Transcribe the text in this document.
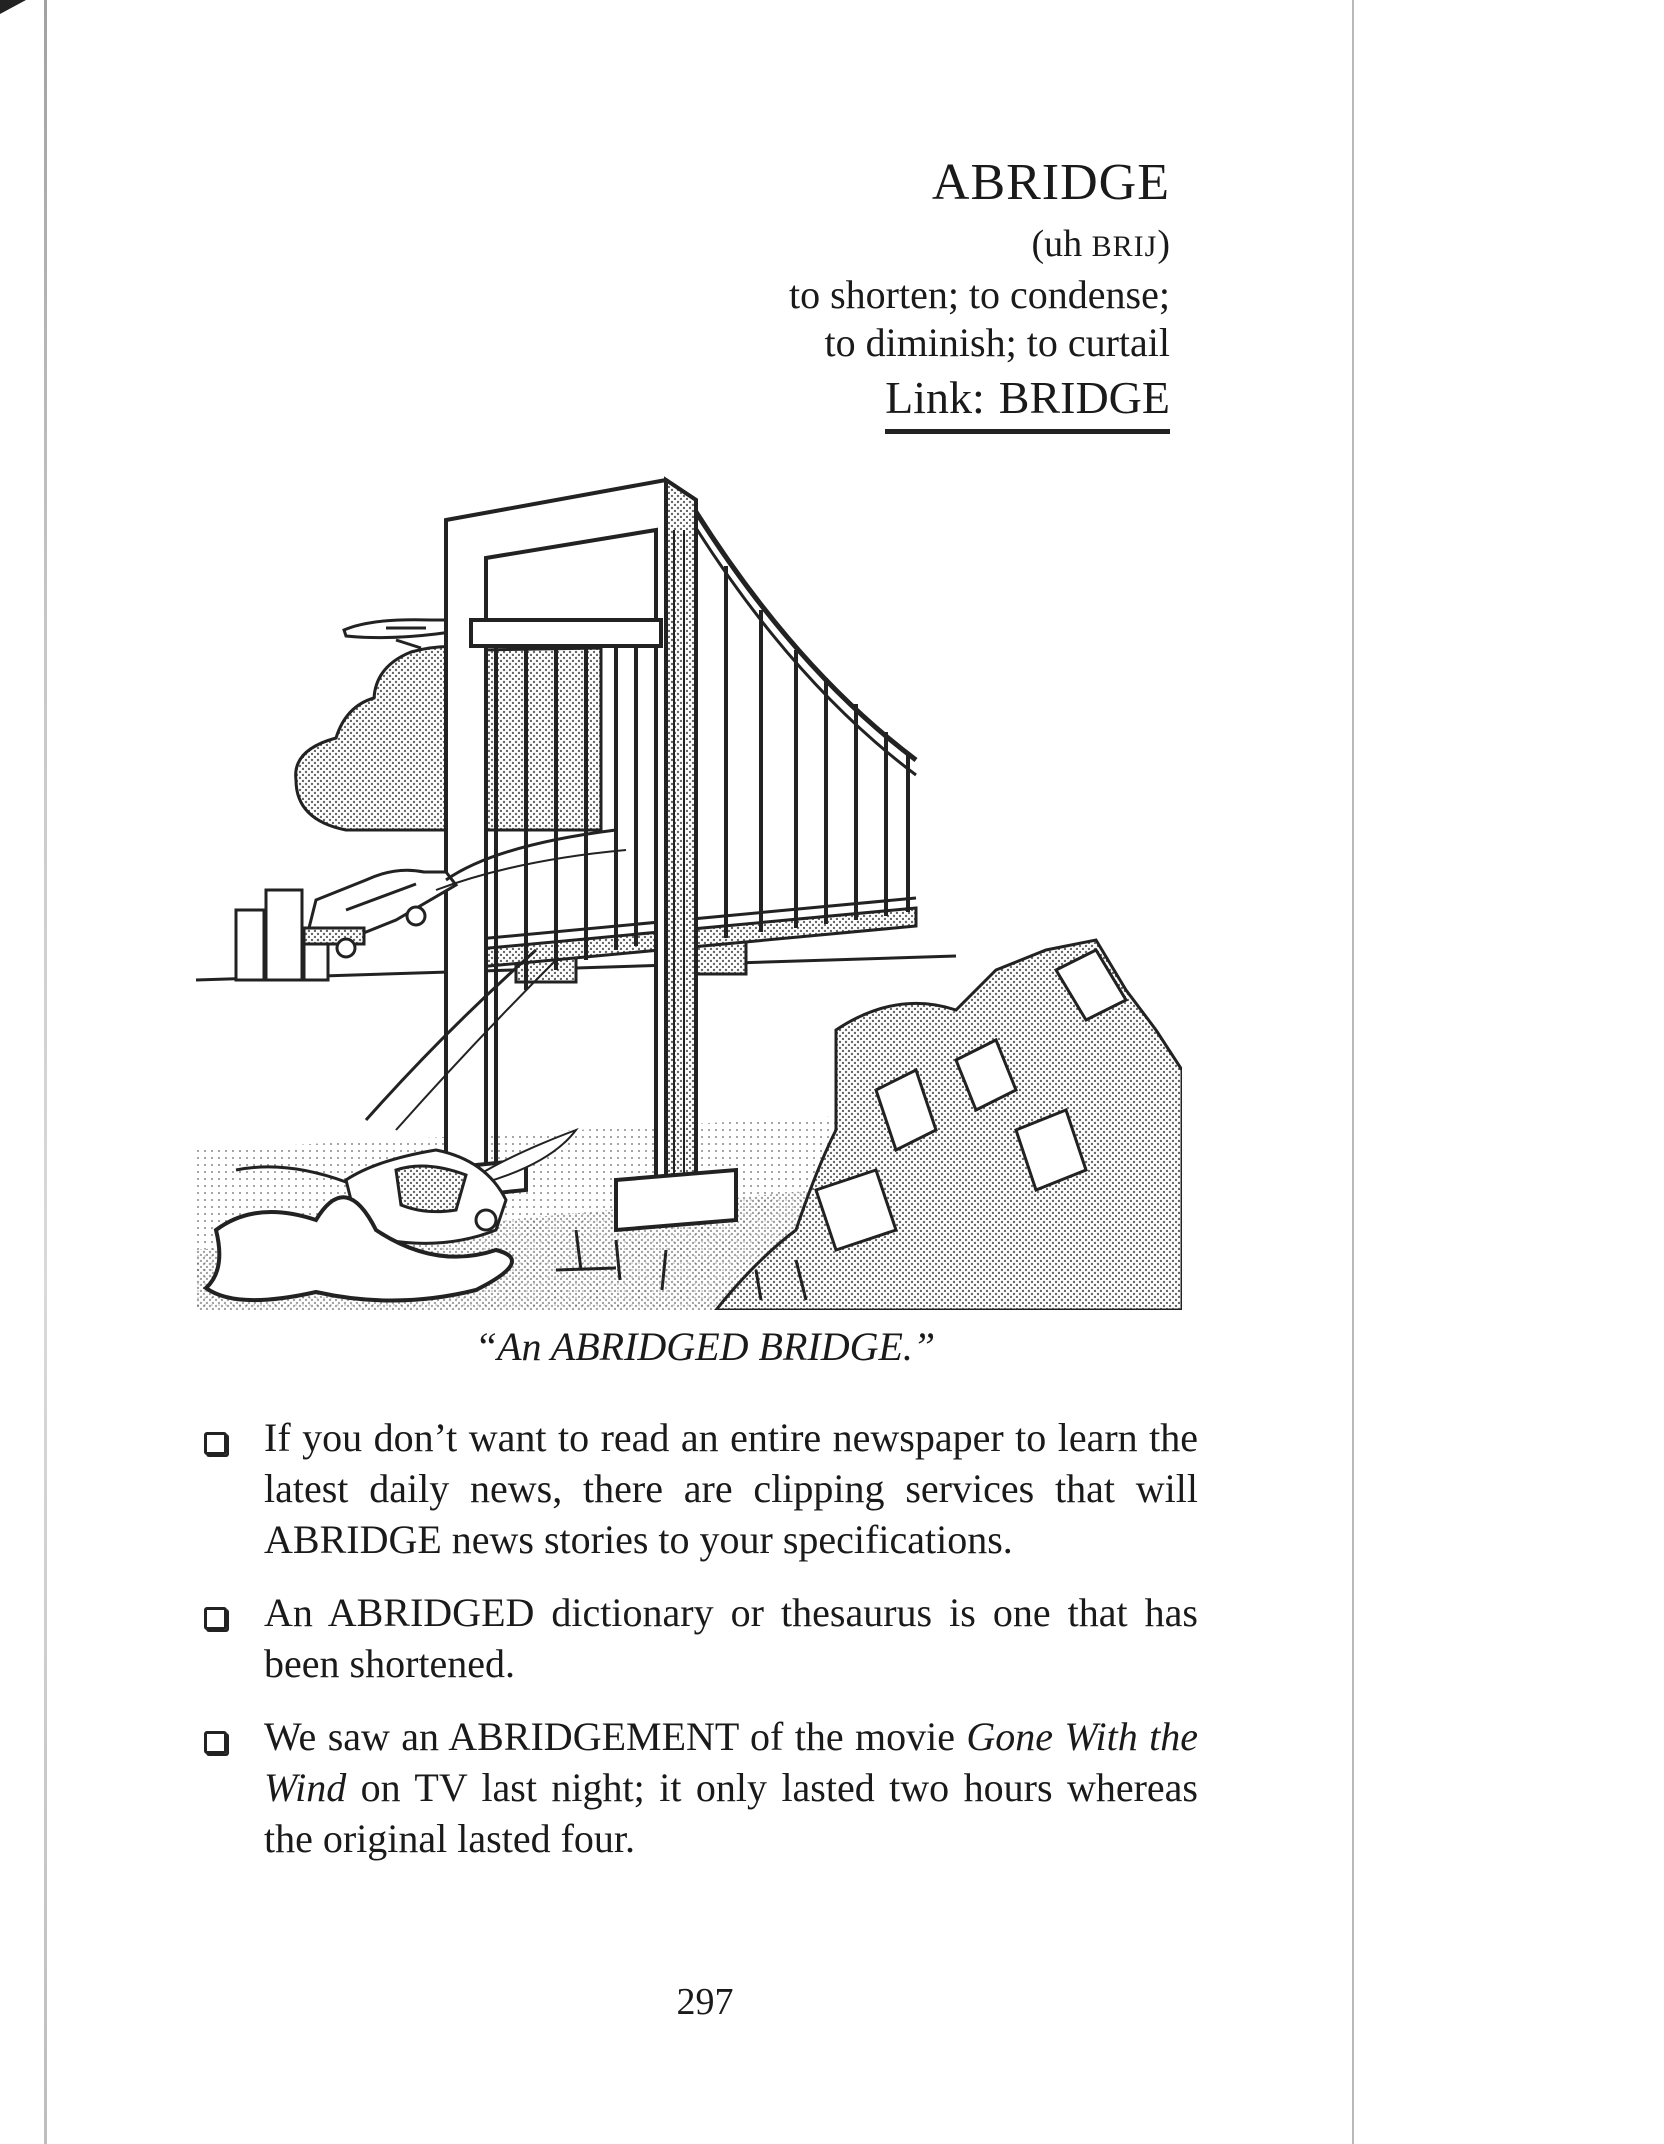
ABRIDGE
(uh BRIJ)
to shorten; to condense;
to diminish; to curtail
Link: BRIDGE
“An ABRIDGED BRIDGE.”
If you don’t want to read an entire newspaper to learn the latest daily news, there are clipping services that will ABRIDGE news stories to your specifications.
An ABRIDGED dictionary or thesaurus is one that has been shortened.
We saw an ABRIDGEMENT of the movie Gone With the Wind on TV last night; it only lasted two hours whereas the original lasted four.
297
